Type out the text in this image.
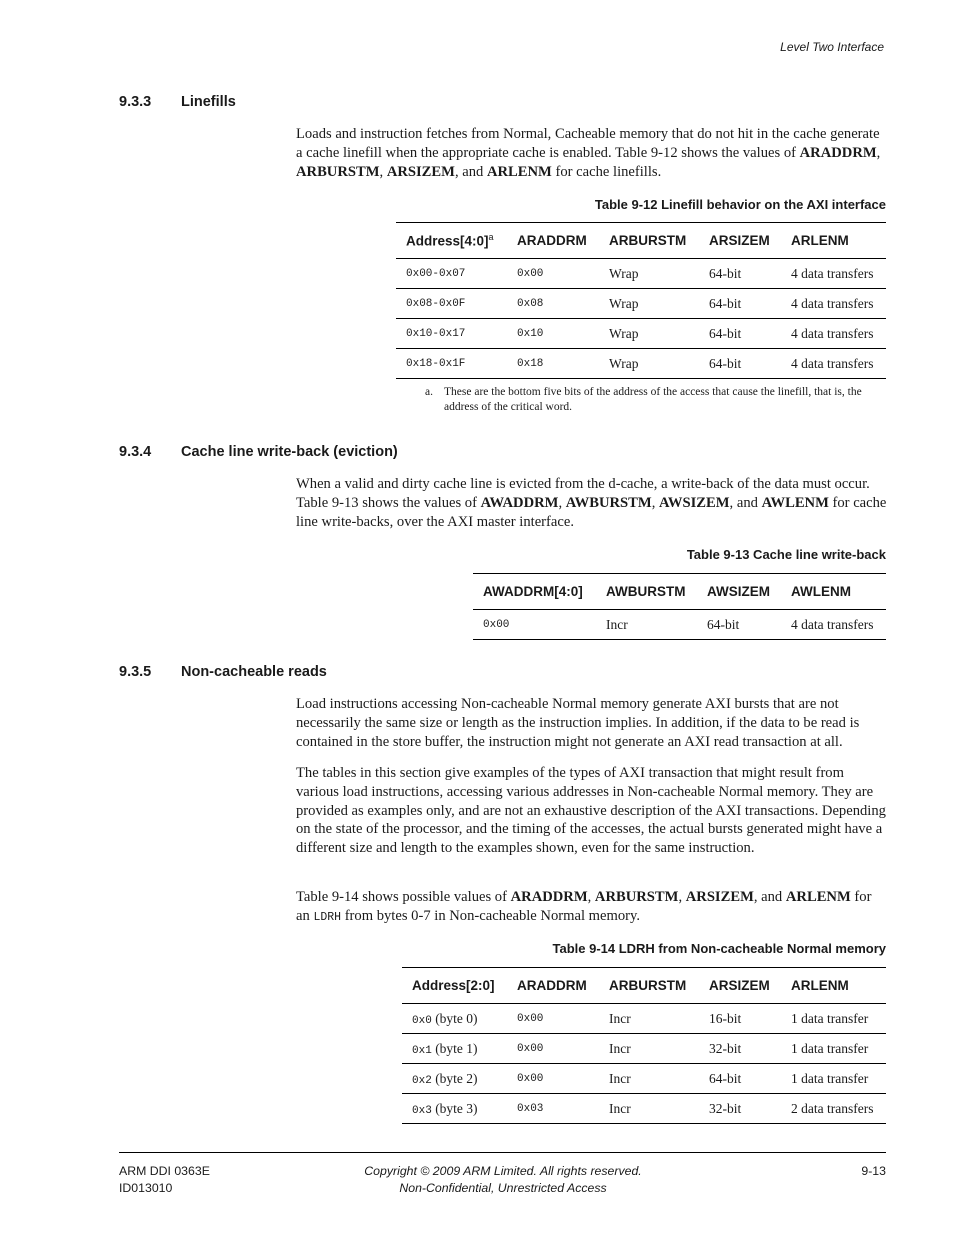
Level Two Interface
9.3.3	Linefills

Loads and instruction fetches from Normal, Cacheable memory that do not hit in the cache generate a cache linefill when the appropriate cache is enabled. Table 9-12 shows the values of ARADDRM, ARBURSTM, ARSIZEM, and ARLENM for cache linefills.

Table 9-12 Linefill behavior on the AXI interface
Address[4:0]$^a$	ARADDRM	ARBURSTM	ARSIZEM	ARLENM
0x00-0x07	0x00	Wrap	64-bit	4 data transfers
0x08-0x0F	0x08	Wrap	64-bit	4 data transfers
0x10-0x17	0x10	Wrap	64-bit	4 data transfers
0x18-0x1F	0x18	Wrap	64-bit	4 data transfers
a. These are the bottom five bits of the address of the access that cause the linefill, that is, the address of the critical word.
9.3.4	Cache line write-back (eviction)

When a valid and dirty cache line is evicted from the d-cache, a write-back of the data must occur. Table 9-13 shows the values of AWADDRM, AWBURSTM, AWSIZEM, and AWLENM for cache line write-backs, over the AXI master interface.

Table 9-13 Cache line write-back
AWADDRM[4:0]	AWBURSTM	AWSIZEM	AWLENM
0x00	Incr	64-bit	4 data transfers
9.3.5	Non-cacheable reads

Load instructions accessing Non-cacheable Normal memory generate AXI bursts that are not necessarily the same size or length as the instruction implies. In addition, if the data to be read is contained in the store buffer, the instruction might not generate an AXI read transaction at all.

The tables in this section give examples of the types of AXI transaction that might result from various load instructions, accessing various addresses in Non-cacheable Normal memory. They are provided as examples only, and are not an exhaustive description of the AXI transactions. Depending on the state of the processor, and the timing of the accesses, the actual bursts generated might have a different size and length to the examples shown, even for the same instruction.

Table 9-14 shows possible values of ARADDRM, ARBURSTM, ARSIZEM, and ARLENM for an LDRH from bytes 0-7 in Non-cacheable Normal memory.

Table 9-14 LDRH from Non-cacheable Normal memory
Address[2:0]	ARADDRM	ARBURSTM	ARSIZEM	ARLENM
0x0 (byte 0)	0x00	Incr	16-bit	1 data transfer
0x1 (byte 1)	0x00	Incr	32-bit	1 data transfer
0x2 (byte 2)	0x00	Incr	64-bit	1 data transfer
0x3 (byte 3)	0x03	Incr	32-bit	2 data transfers
ARM DDI 0363E
ID013010
Copyright © 2009 ARM Limited. All rights reserved.
Non-Confidential, Unrestricted Access
9-13
